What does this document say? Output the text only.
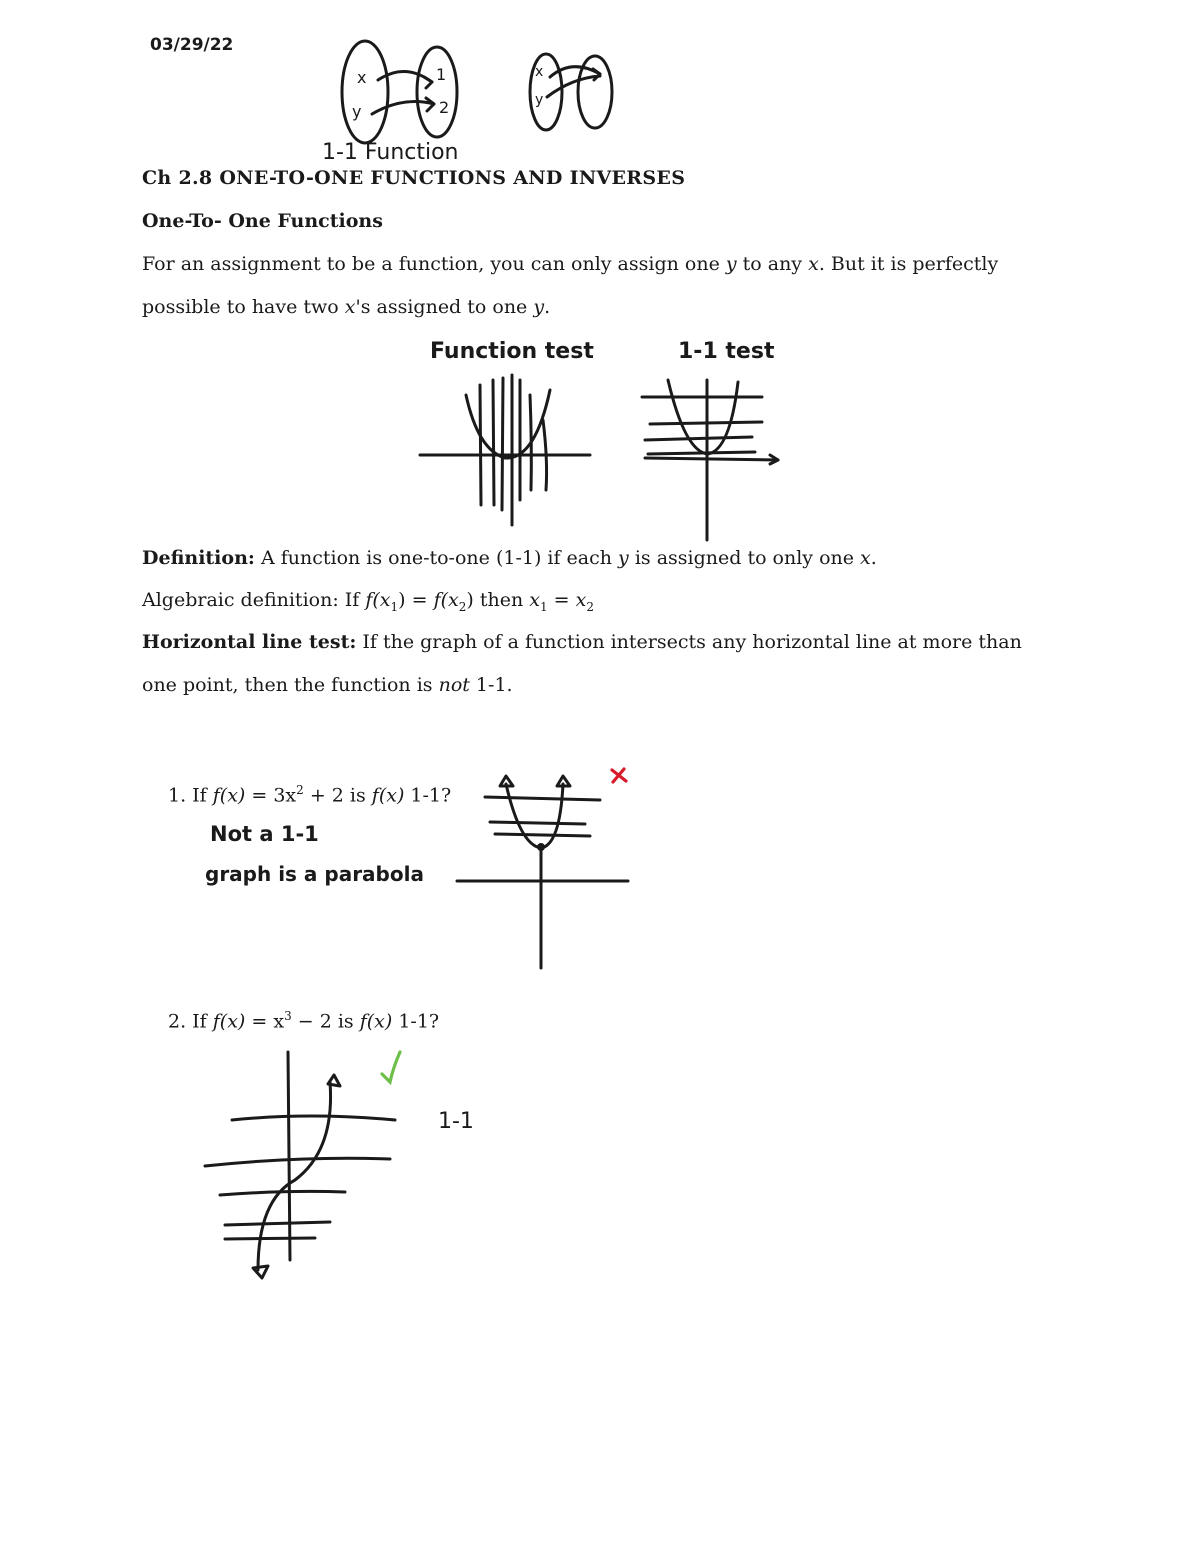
03/29/22
x
y
1
2
x
y
1-1 Function
Function test	1-1 test
Not a 1-1
graph is a parabola
1-1
Ch 2.8 ONE-TO-ONE FUNCTIONS AND INVERSES
One-To- One Functions
For an assignment to be a function, you can only assign one y to any x. But it is perfectly
possible to have two x's assigned to one y.
Definition: A function is one-to-one (1-1) if each y is assigned to only one x.
Algebraic definition: If $f(x_1) = f(x_2)$ then $x_1 = x_2$
Horizontal line test: If the graph of a function intersects any horizontal line at more than
one point, then the function is not 1-1.
1. If $f(x) = 3x^2 + 2$ is f(x) 1-1?
2. If $f(x) = x^3 - 2$ is f(x) 1-1?
